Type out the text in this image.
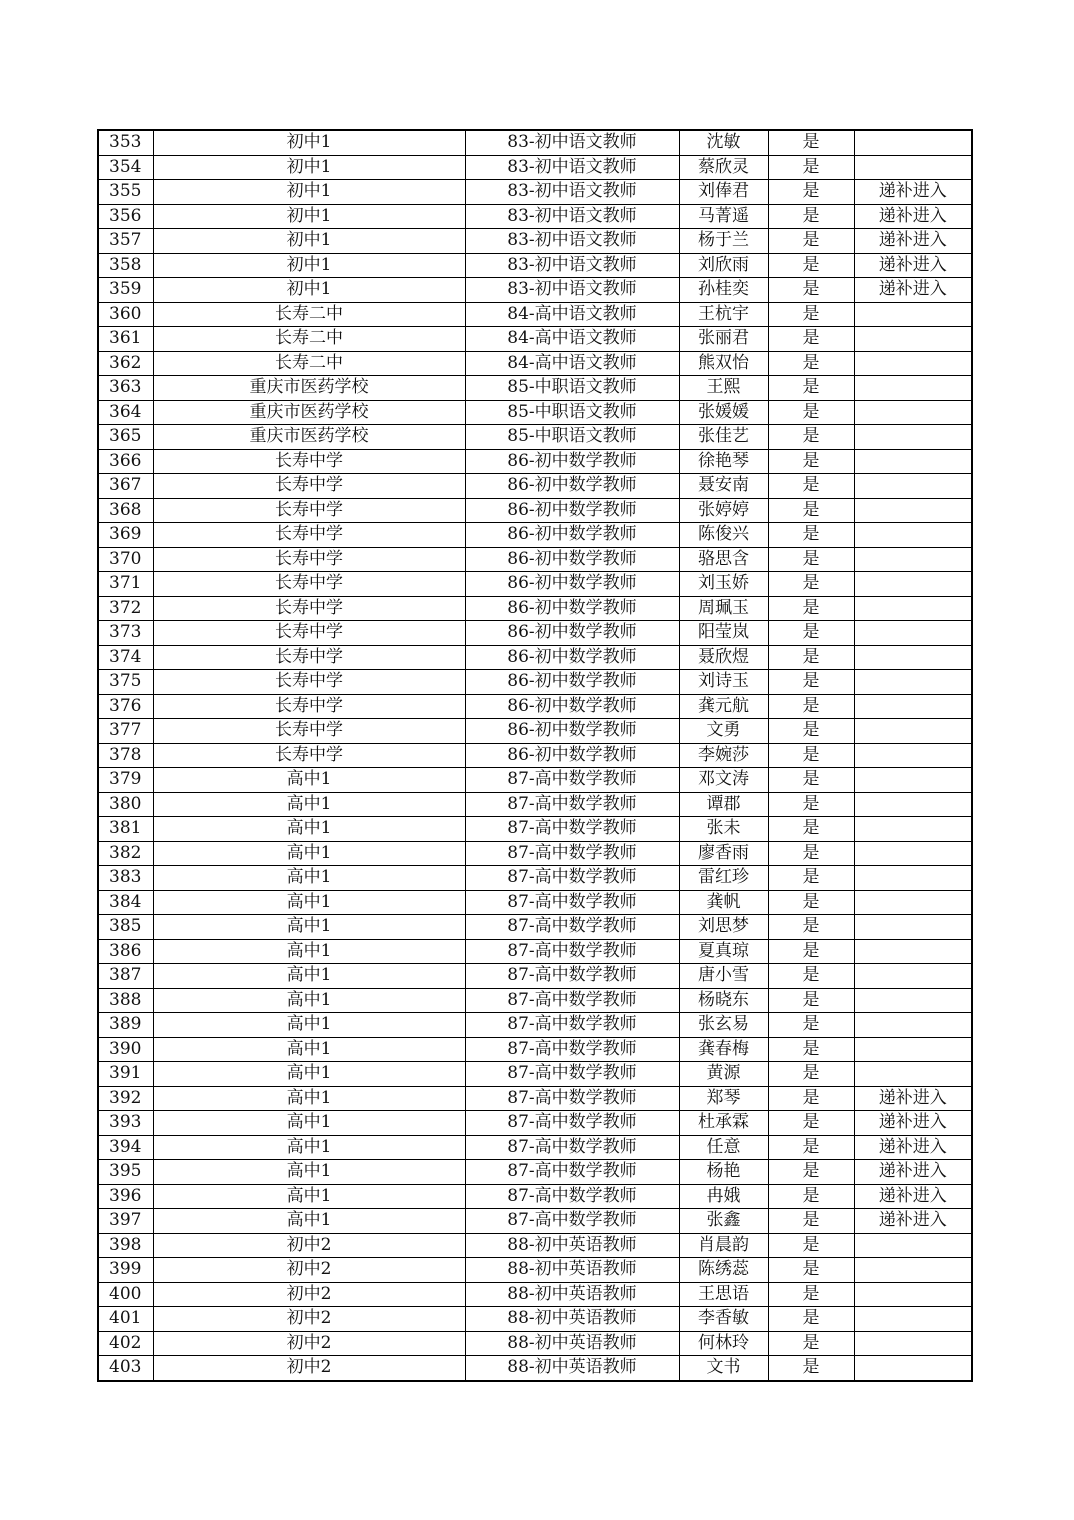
353	初中1	83-初中语文教师	沈敏	是	
354	初中1	83-初中语文教师	蔡欣灵	是	
355	初中1	83-初中语文教师	刘俸君	是	递补进入
356	初中1	83-初中语文教师	马菁遥	是	递补进入
357	初中1	83-初中语文教师	杨于兰	是	递补进入
358	初中1	83-初中语文教师	刘欣雨	是	递补进入
359	初中1	83-初中语文教师	孙桂奕	是	递补进入
360	长寿二中	84-高中语文教师	王杭宇	是	
361	长寿二中	84-高中语文教师	张丽君	是	
362	长寿二中	84-高中语文教师	熊双怡	是	
363	重庆市医药学校	85-中职语文教师	王熙	是	
364	重庆市医药学校	85-中职语文教师	张媛媛	是	
365	重庆市医药学校	85-中职语文教师	张佳艺	是	
366	长寿中学	86-初中数学教师	徐艳琴	是	
367	长寿中学	86-初中数学教师	聂安南	是	
368	长寿中学	86-初中数学教师	张婷婷	是	
369	长寿中学	86-初中数学教师	陈俊兴	是	
370	长寿中学	86-初中数学教师	骆思含	是	
371	长寿中学	86-初中数学教师	刘玉娇	是	
372	长寿中学	86-初中数学教师	周珮玉	是	
373	长寿中学	86-初中数学教师	阳莹岚	是	
374	长寿中学	86-初中数学教师	聂欣煜	是	
375	长寿中学	86-初中数学教师	刘诗玉	是	
376	长寿中学	86-初中数学教师	龚元航	是	
377	长寿中学	86-初中数学教师	文勇	是	
378	长寿中学	86-初中数学教师	李婉莎	是	
379	高中1	87-高中数学教师	邓文涛	是	
380	高中1	87-高中数学教师	谭郡	是	
381	高中1	87-高中数学教师	张未	是	
382	高中1	87-高中数学教师	廖香雨	是	
383	高中1	87-高中数学教师	雷红珍	是	
384	高中1	87-高中数学教师	龚帆	是	
385	高中1	87-高中数学教师	刘思梦	是	
386	高中1	87-高中数学教师	夏真琼	是	
387	高中1	87-高中数学教师	唐小雪	是	
388	高中1	87-高中数学教师	杨晓东	是	
389	高中1	87-高中数学教师	张玄易	是	
390	高中1	87-高中数学教师	龚春梅	是	
391	高中1	87-高中数学教师	黄源	是	
392	高中1	87-高中数学教师	郑琴	是	递补进入
393	高中1	87-高中数学教师	杜承霖	是	递补进入
394	高中1	87-高中数学教师	任意	是	递补进入
395	高中1	87-高中数学教师	杨艳	是	递补进入
396	高中1	87-高中数学教师	冉娥	是	递补进入
397	高中1	87-高中数学教师	张鑫	是	递补进入
398	初中2	88-初中英语教师	肖晨韵	是	
399	初中2	88-初中英语教师	陈绣蕊	是	
400	初中2	88-初中英语教师	王思语	是	
401	初中2	88-初中英语教师	李香敏	是	
402	初中2	88-初中英语教师	何林玲	是	
403	初中2	88-初中英语教师	文书	是	
